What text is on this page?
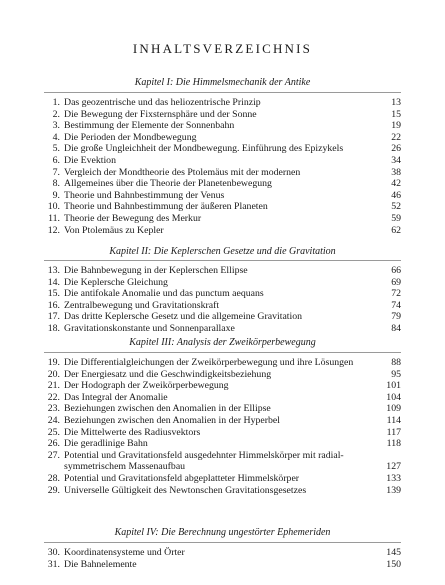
INHALTSVERZEICHNIS
Kapitel I: Die Himmelsmechanik der Antike
1. Das geozentrische und das heliozentrische Prinzip	13
2. Die Bewegung der Fixsternsphäre und der Sonne	15
3. Bestimmung der Elemente der Sonnenbahn	19
4. Die Perioden der Mondbewegung	22
5. Die große Ungleichheit der Mondbewegung. Einführung des Epizykels	26
6. Die Evektion	34
7. Vergleich der Mondtheorie des Ptolemäus mit der modernen	38
8. Allgemeines über die Theorie der Planetenbewegung	42
9. Theorie und Bahnbestimmung der Venus	46
10. Theorie und Bahnbestimmung der äußeren Planeten	52
11. Theorie der Bewegung des Merkur	59
12. Von Ptolemäus zu Kepler	62
Kapitel II: Die Keplerschen Gesetze und die Gravitation
13. Die Bahnbewegung in der Keplerschen Ellipse	66
14. Die Keplersche Gleichung	69
15. Die antifokale Anomalie und das punctum aequans	72
16. Zentralbewegung und Gravitationskraft	74
17. Das dritte Keplersche Gesetz und die allgemeine Gravitation	79
18. Gravitationskonstante und Sonnenparallaxe	84
Kapitel III: Analysis der Zweikörperbewegung
19. Die Differentialgleichungen der Zweikörperbewegung und ihre Lösungen	88
20. Der Energiesatz und die Geschwindigkeitsbeziehung	95
21. Der Hodograph der Zweikörperbewegung	101
22. Das Integral der Anomalie	104
23. Beziehungen zwischen den Anomalien in der Ellipse	109
24. Beziehungen zwischen den Anomalien in der Hyperbel	114
25. Die Mittelwerte des Radiusvektors	117
26. Die geradlinige Bahn	118
27. Potential und Gravitationsfeld ausgedehnter Himmelskörper mit radial-symmetrischem Massenaufbau	127
28. Potential und Gravitationsfeld abgeplatteter Himmelskörper	133
29. Universelle Gültigkeit des Newtonschen Gravitationsgesetzes	139
Kapitel IV: Die Berechnung ungestörter Ephemeriden
30. Koordinatensysteme und Örter	145
31. Die Bahnelemente	150
